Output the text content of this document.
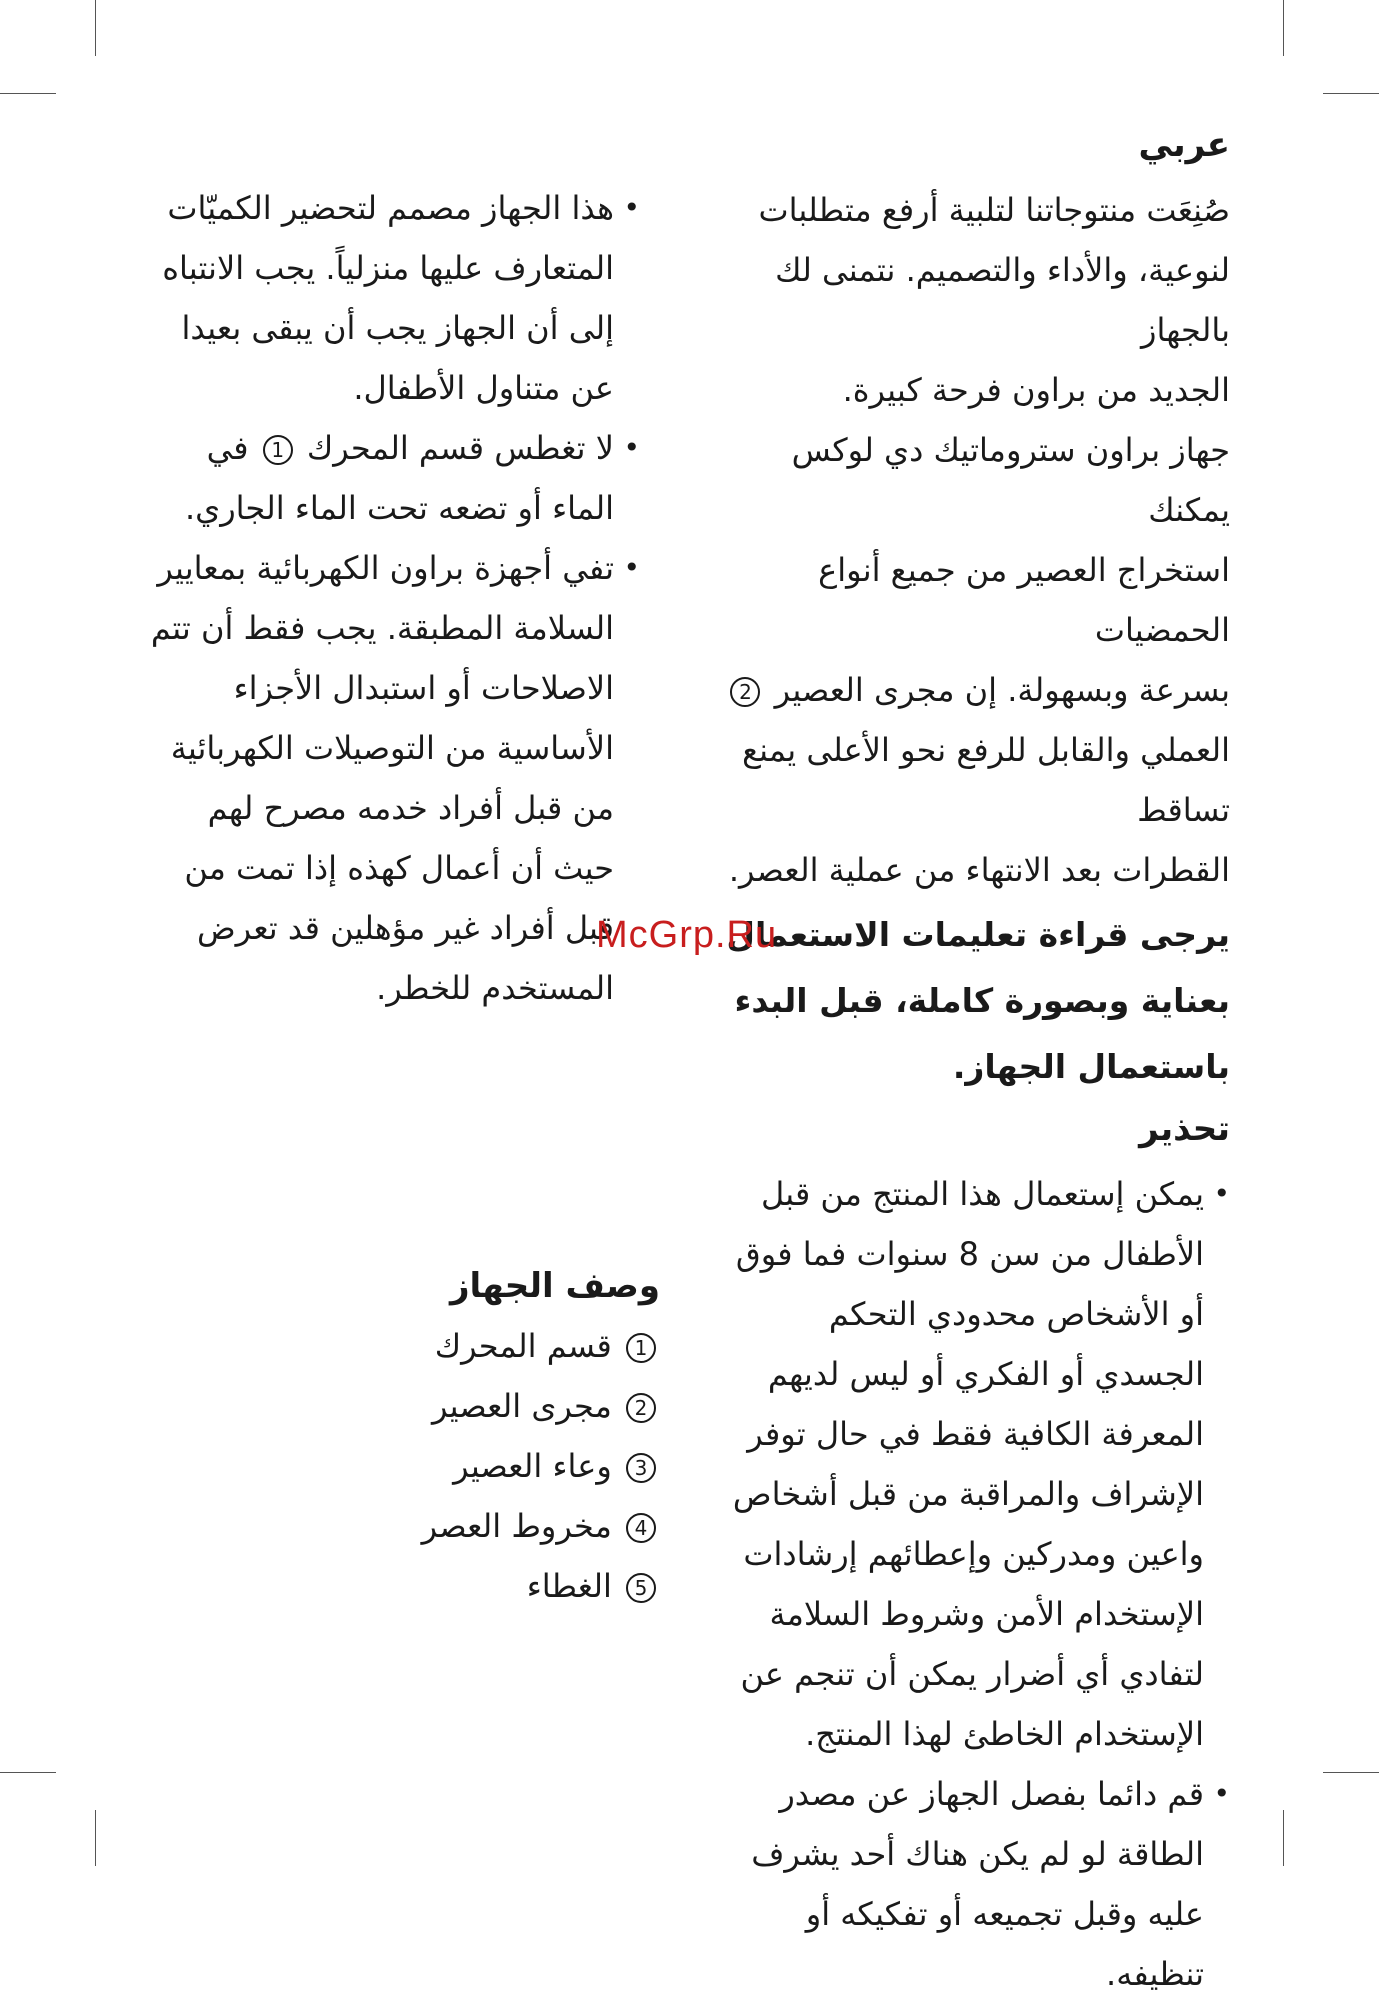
عربي

صُنِعَت منتوجاتنا لتلبية أرفع متطلبات

لنوعية، والأداء والتصميم. نتمنى لك بالجهاز

الجديد من براون فرحة كبيرة.

جهاز براون ستروماتيك دي لوكس يمكنك

استخراج العصير من جميع أنواع الحمضيات

بسرعة وبسهولة. إن مجرى العصير 2

العملي والقابل للرفع نحو الأعلى يمنع تساقط

القطرات بعد الانتهاء من عملية العصر.

يرجى قراءة تعليمات الاستعمال

بعناية وبصورة كاملة، قبل البدء

باستعمال الجهاز.

تحذير
• يمكن إستعمال هذا المنتج من قبل الأطفال من سن 8 سنوات فما فوق أو الأشخاص محدودي التحكم الجسدي أو الفكري أو ليس لديهم المعرفة الكافية فقط في حال توفر الإشراف والمراقبة من قبل أشخاص واعين ومدركين وإعطائهم إرشادات الإستخدام الأمن وشروط السلامة لتفادي أي أضرار يمكن أن تنجم عن الإستخدام الخاطئ لهذا المنتج.
• قم دائما بفصل الجهاز عن مصدر الطاقة لو لم يكن هناك أحد يشرف عليه وقبل تجميعه أو تفكيكه أو تنظيفه.
• هذا الجهاز مصمم لتحضير الكميّات المتعارف عليها منزلياً. يجب الانتباه إلى أن الجهاز يجب أن يبقى بعيدا عن متناول الأطفال.
• لا تغطس قسم المحرك 1 في الماء أو تضعه تحت الماء الجاري.
• تفي أجهزة براون الكهربائية بمعايير السلامة المطبقة. يجب فقط أن تتم الاصلاحات أو استبدال الأجزاء الأساسية من التوصيلات الكهربائية من قبل أفراد خدمه مصرح لهم حيث أن أعمال كهذه إذا تمت من قبل أفراد غير مؤهلين قد تعرض المستخدم للخطر.
وصف الجهاز
1 قسم المحرك
2 مجرى العصير
3 وعاء العصير
4 مخروط العصر
5 الغطاء
McGrp.Ru
